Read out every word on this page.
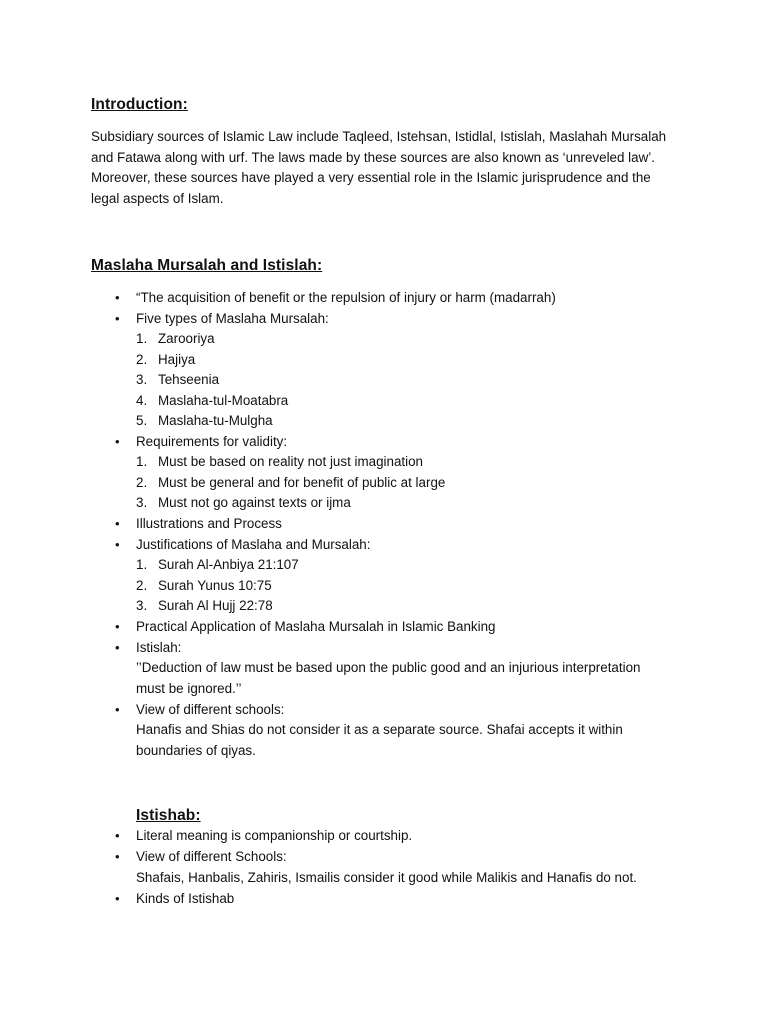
Introduction:
Subsidiary sources of Islamic Law include Taqleed, Istehsan, Istidlal, Istislah, Maslahah Mursalah
and Fatawa along with urf. The laws made by these sources are also known as ‘unreveled law’.
Moreover, these sources have played a very essential role in the Islamic jurisprudence and the
legal aspects of Islam.
Maslaha Mursalah and Istislah:
• “The acquisition of benefit or the repulsion of injury or harm (madarrah)
• Five types of Maslaha Mursalah:
1. Zarooriya
2. Hajiya
3. Tehseenia
4. Maslaha-tul-Moatabra
5. Maslaha-tu-Mulgha
• Requirements for validity:
1. Must be based on reality not just imagination
2. Must be general and for benefit of public at large
3. Must not go against texts or ijma
• Illustrations and Process
• Justifications of Maslaha and Mursalah:
1. Surah Al-Anbiya 21:107
2. Surah Yunus 10:75
3. Surah Al Hujj 22:78
• Practical Application of Maslaha Mursalah in Islamic Banking
• Istislah:
’’Deduction of law must be based upon the public good and an injurious interpretation
must be ignored.’’
• View of different schools:
Hanafis and Shias do not consider it as a separate source. Shafai accepts it within
boundaries of qiyas.
Istishab:
• Literal meaning is companionship or courtship.
• View of different Schools:
Shafais, Hanbalis, Zahiris, Ismailis consider it good while Malikis and Hanafis do not.
• Kinds of Istishab
